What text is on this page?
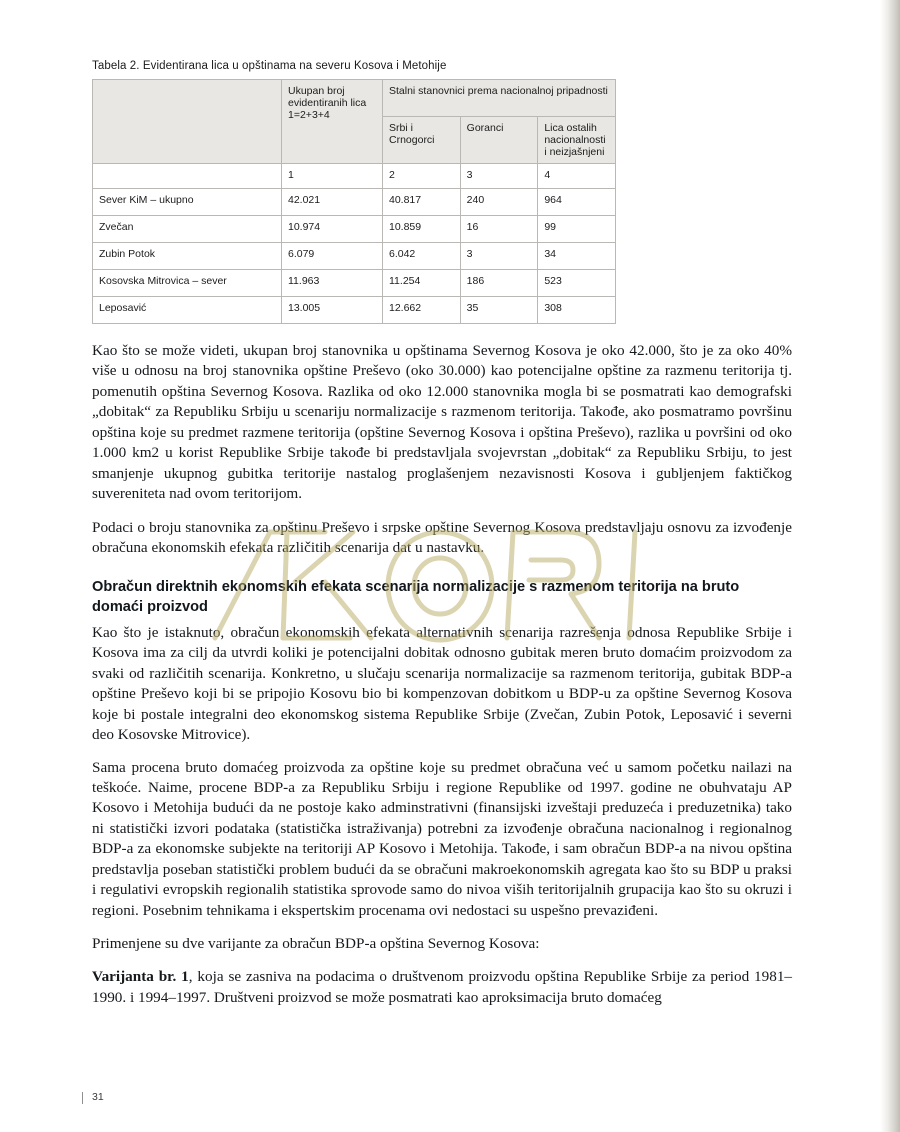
Tabela 2. Evidentirana lica u opštinama na severu Kosova i Metohije
	Ukupan broj evidentiranih lica 1=2+3+4	Stalni stanovnici prema nacionalnoj pripadnosti		
		Srbi i Crnogorci	Goranci	Lica ostalih nacionalnosti i neizjašnjeni
	1	2	3	4
Sever KiM – ukupno	42.021	40.817	240	964
Zvečan	10.974	10.859	16	99
Zubin Potok	6.079	6.042	3	34
Kosovska Mitrovica – sever	11.963	11.254	186	523
Leposavić	13.005	12.662	35	308

Kao što se može videti, ukupan broj stanovnika u opštinama Severnog Kosova je oko 42.000, što je za oko 40% više u odnosu na broj stanovnika opštine Preševo (oko 30.000) kao potencijalne opštine za razmenu teritorija tj. pomenutih opština Severnog Kosova. Razlika od oko 12.000 stanovnika mogla bi se posmatrati kao demografski „dobitak“ za Republiku Srbiju u scenariju normalizacije s razmenom teritorija. Takođe, ako posmatramo površinu opština koje su predmet razmene teritorija (opštine Severnog Kosova i opština Preševo), razlika u površini od oko 1.000 km2 u korist Republike Srbije takođe bi predstavljala svojevrstan „dobitak“ za Republiku Srbiju, to jest smanjenje ukupnog gubitka teritorije nastalog proglašenjem nezavisnosti Kosova i gubljenjem faktičkog suvereniteta nad ovom teritorijom.

Podaci o broju stanovnika za opštinu Preševo i srpske opštine Severnog Kosova predstavljaju osnovu za izvođenje obračuna ekonomskih efekata različitih scenarija dat u nastavku.

Obračun direktnih ekonomskih efekata scenarija normalizacije s razmenom teritorija na bruto domaći proizvod

Kao što je istaknuto, obračun ekonomskih efekata alternativnih scenarija razrešenja odnosa Republike Srbije i Kosova ima za cilj da utvrdi koliki je potencijalni dobitak odnosno gubitak meren bruto domaćim proizvodom za svaki od različitih scenarija. Konkretno, u slučaju scenarija normalizacije sa razmenom teritorija, gubitak BDP-a opštine Preševo koji bi se pripojio Kosovu bio bi kompenzovan dobitkom u BDP-u za opštine Severnog Kosova koje bi postale integralni deo ekonomskog sistema Republike Srbije (Zvečan, Zubin Potok, Leposavić i severni deo Kosovske Mitrovice).

Sama procena bruto domaćeg proizvoda za opštine koje su predmet obračuna već u samom početku nailazi na teškoće. Naime, procene BDP-a za Republiku Srbiju i regione Republike od 1997. godine ne obuhvataju AP Kosovo i Metohija budući da ne postoje kako adminstrativni (finansijski izveštaji preduzeća i preduzetnika) tako ni statistički izvori podataka (statistička istraživanja) potrebni za izvođenje obračuna nacionalnog i regionalnog BDP-a za ekonomske subjekte na teritoriji AP Kosovo i Metohija. Takođe, i sam obračun BDP-a na nivou opština predstavlja poseban statistički problem budući da se obračuni makroekonomskih agregata kao što su BDP u praksi i regulativi evropskih regionalih statistika sprovode samo do nivoa viših teritorijalnih grupacija kao što su okruzi i regioni. Posebnim tehnikama i ekspertskim procenama ovi nedostaci su uspešno prevaziđeni.

Primenjene su dve varijante za obračun BDP-a opština Severnog Kosova:

Varijanta br. 1, koja se zasniva na podacima o društvenom proizvodu opština Republike Srbije za period 1981–1990. i 1994–1997. Društveni proizvod se može posmatrati kao aproksimacija bruto domaćeg

31
